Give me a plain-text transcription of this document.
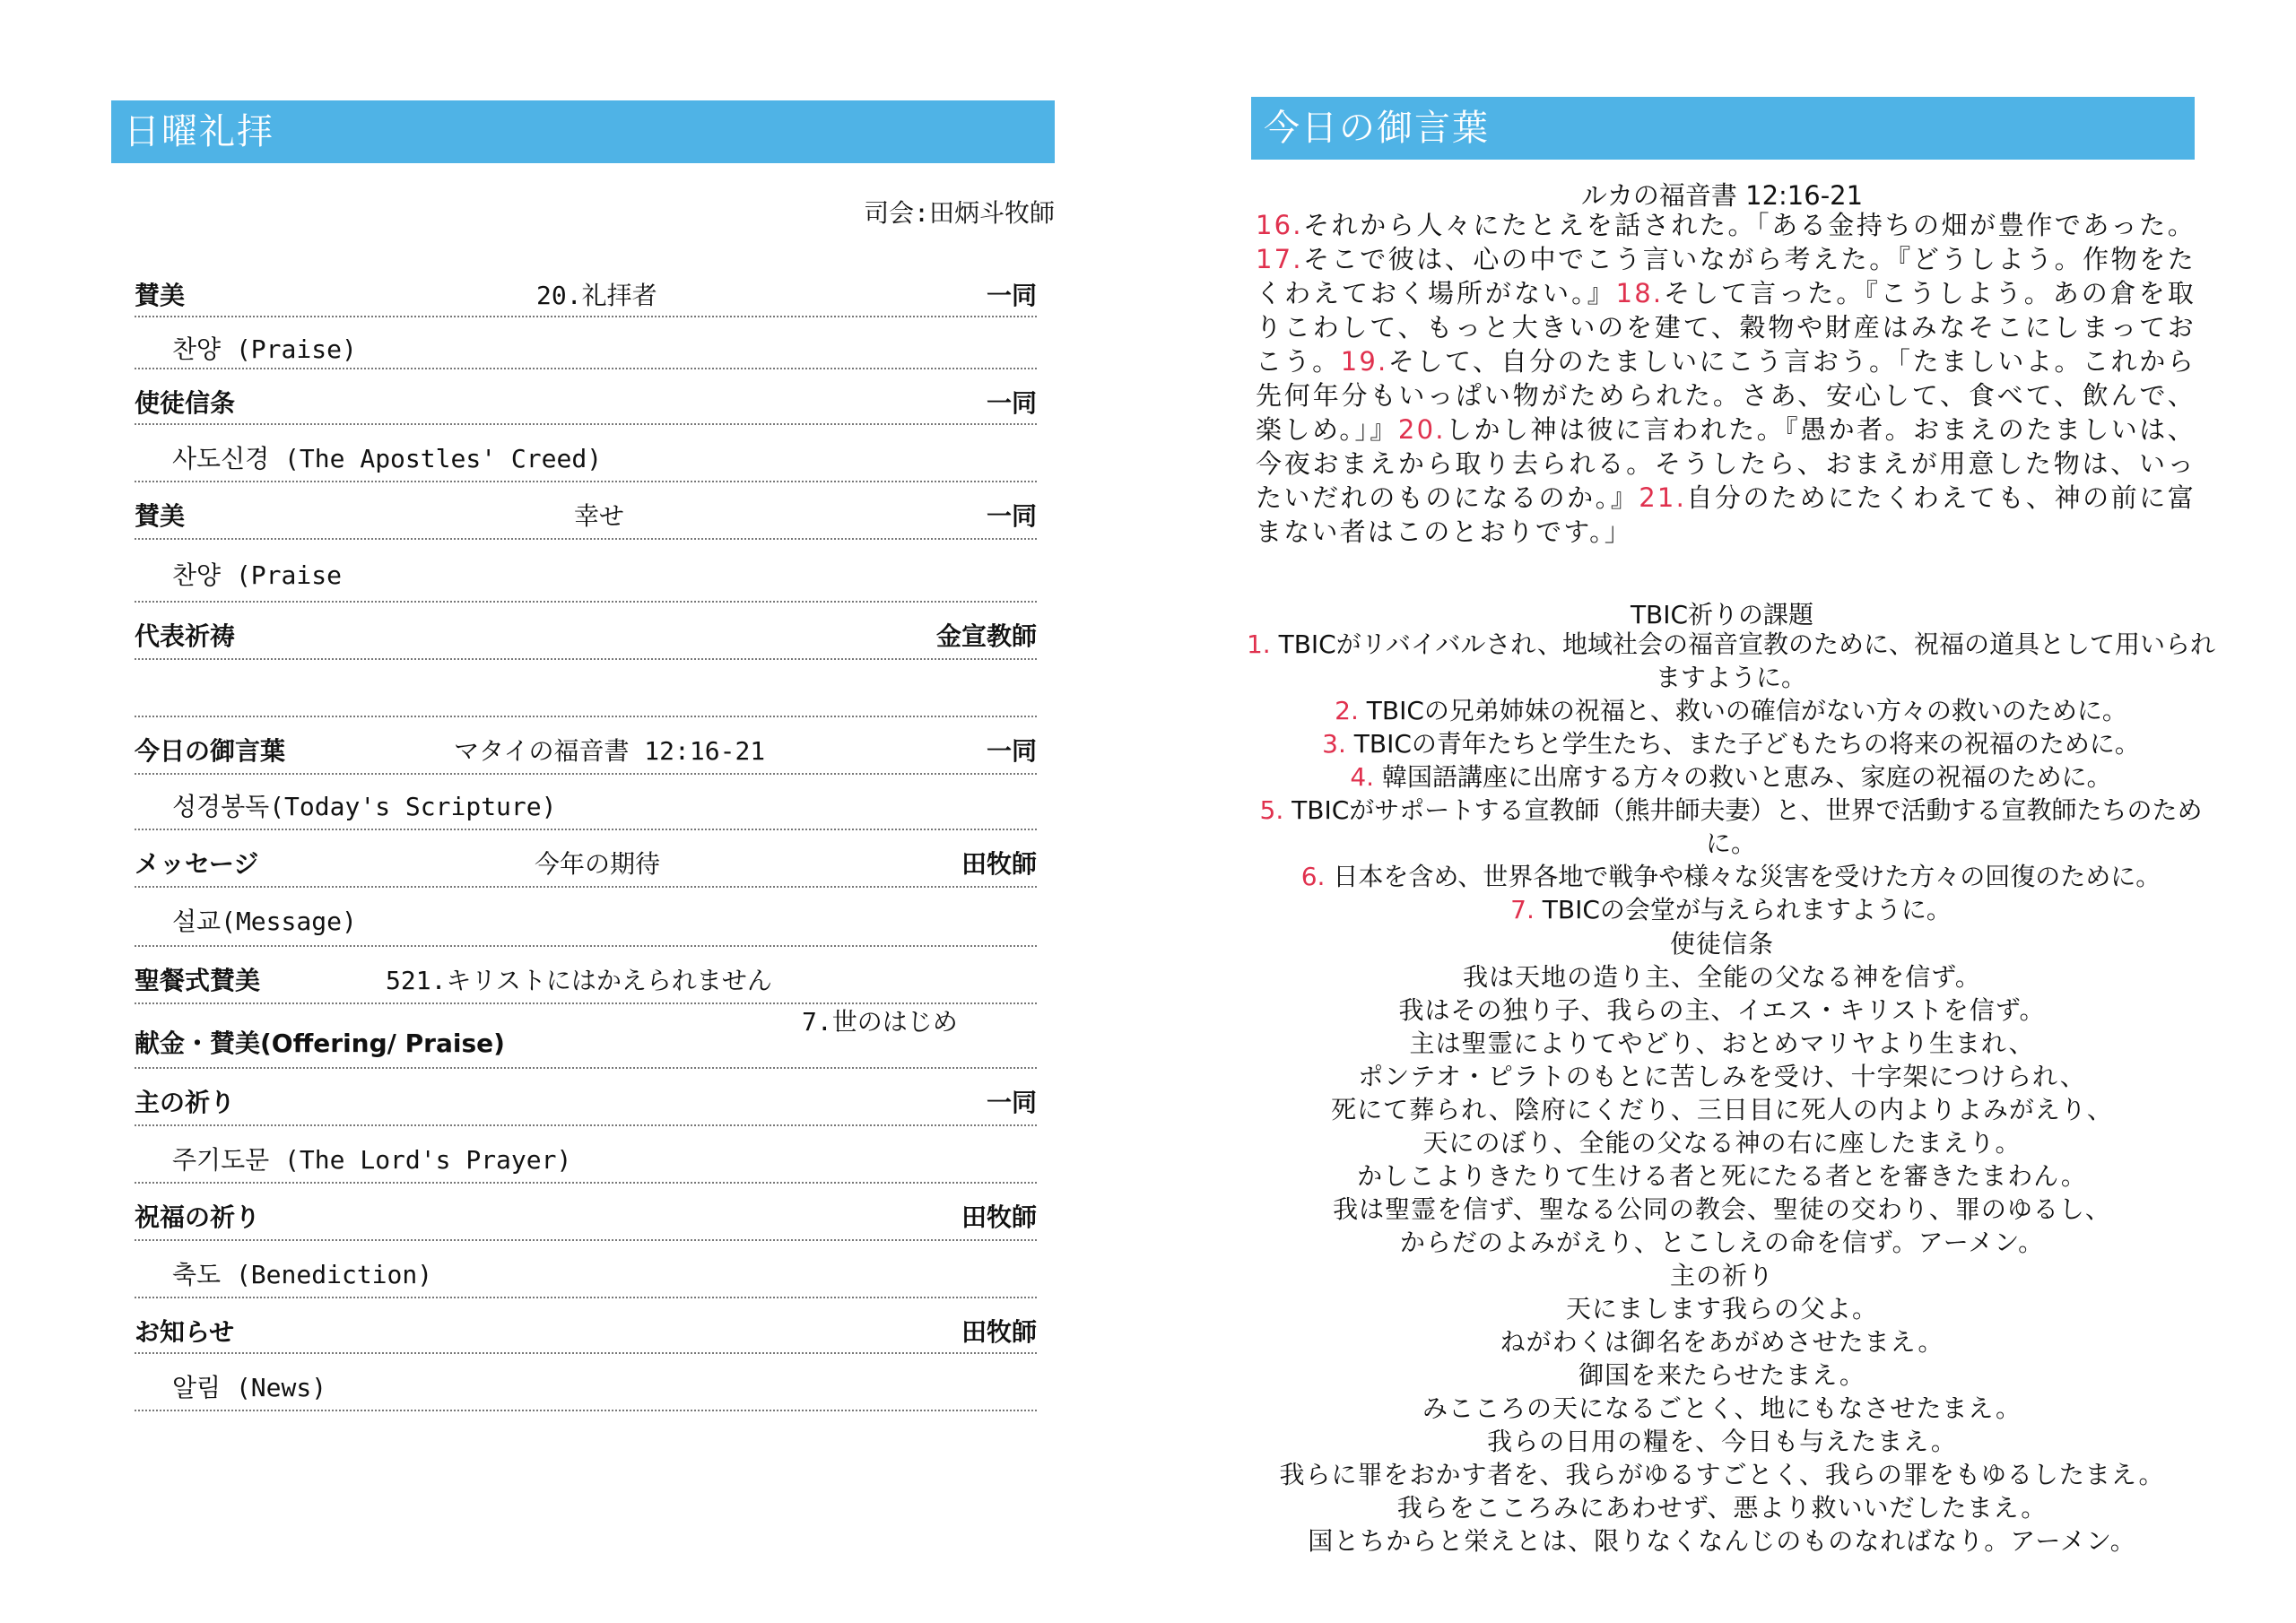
日曜礼拝
司会:田炳斗牧師
賛美	20.礼拝者	一同
찬양 (Praise)
使徒信条	一同
사도신경 (The Apostles' Creed)
賛美	幸せ	一同
찬양 (Praise
代表祈祷	金宣教師
今日の御言葉	マタイの福音書 12:16-21	一同
성경봉독(Today's Scripture)
メッセージ	今年の期待	田牧師
설교(Message)
聖餐式賛美	521.キリストにはかえられません
献金・賛美(Offering/ Praise)
7.世のはじめ
主の祈り	一同
주기도문 (The Lord's Prayer)
祝福の祈り	田牧師
축도 (Benediction)
お知らせ	田牧師
알림 (News)
今日の御言葉
ルカの福音書 12:16-21
16.それから人々にたとえを話された。「ある金持ちの畑が豊作であった。17.そこで彼は、心の中でこう言いながら考えた。『どうしよう。作物をたくわえておく場所がない。』18.そして言った。『こうしよう。あの倉を取りこわして、もっと大きいのを建て、穀物や財産はみなそこにしまっておこう。19.そして、自分のたましいにこう言おう。「たましいよ。これから先何年分もいっぱい物がためられた。さあ、安心して、食べて、飲んで、楽しめ。」』20.しかし神は彼に言われた。『愚か者。おまえのたましいは、今夜おまえから取り去られる。そうしたら、おまえが用意した物は、いったいだれのものになるのか。』21.自分のためにたくわえても、神の前に富まない者はこのとおりです。」
TBIC祈りの課題
1. TBICがリバイバルされ、地域社会の福音宣教のために、祝福の道具として用いられますように。
2. TBICの兄弟姉妹の祝福と、救いの確信がない方々の救いのために。
3. TBICの青年たちと学生たち、また子どもたちの将来の祝福のために。
4. 韓国語講座に出席する方々の救いと恵み、家庭の祝福のために。
5. TBICがサポートする宣教師（熊井師夫妻）と、世界で活動する宣教師たちのために。
6. 日本を含め、世界各地で戦争や様々な災害を受けた方々の回復のために。
7. TBICの会堂が与えられますように。
使徒信条
我は天地の造り主、全能の父なる神を信ず。
我はその独り子、我らの主、イエス・キリストを信ず。
主は聖霊によりてやどり、おとめマリヤより生まれ、
ポンテオ・ピラトのもとに苦しみを受け、十字架につけられ、
死にて葬られ、陰府にくだり、三日目に死人の内よりよみがえり、
天にのぼり、全能の父なる神の右に座したまえり。
かしこよりきたりて生ける者と死にたる者とを審きたまわん。
我は聖霊を信ず、聖なる公同の教会、聖徒の交わり、罪のゆるし、
からだのよみがえり、とこしえの命を信ず。アーメン。
主の祈り
天にまします我らの父よ。
ねがわくは御名をあがめさせたまえ。
御国を来たらせたまえ。
みこころの天になるごとく、地にもなさせたまえ。
我らの日用の糧を、今日も与えたまえ。
我らに罪をおかす者を、我らがゆるすごとく、我らの罪をもゆるしたまえ。
我らをこころみにあわせず、悪より救いいだしたまえ。
国とちからと栄えとは、限りなくなんじのものなればなり。アーメン。
